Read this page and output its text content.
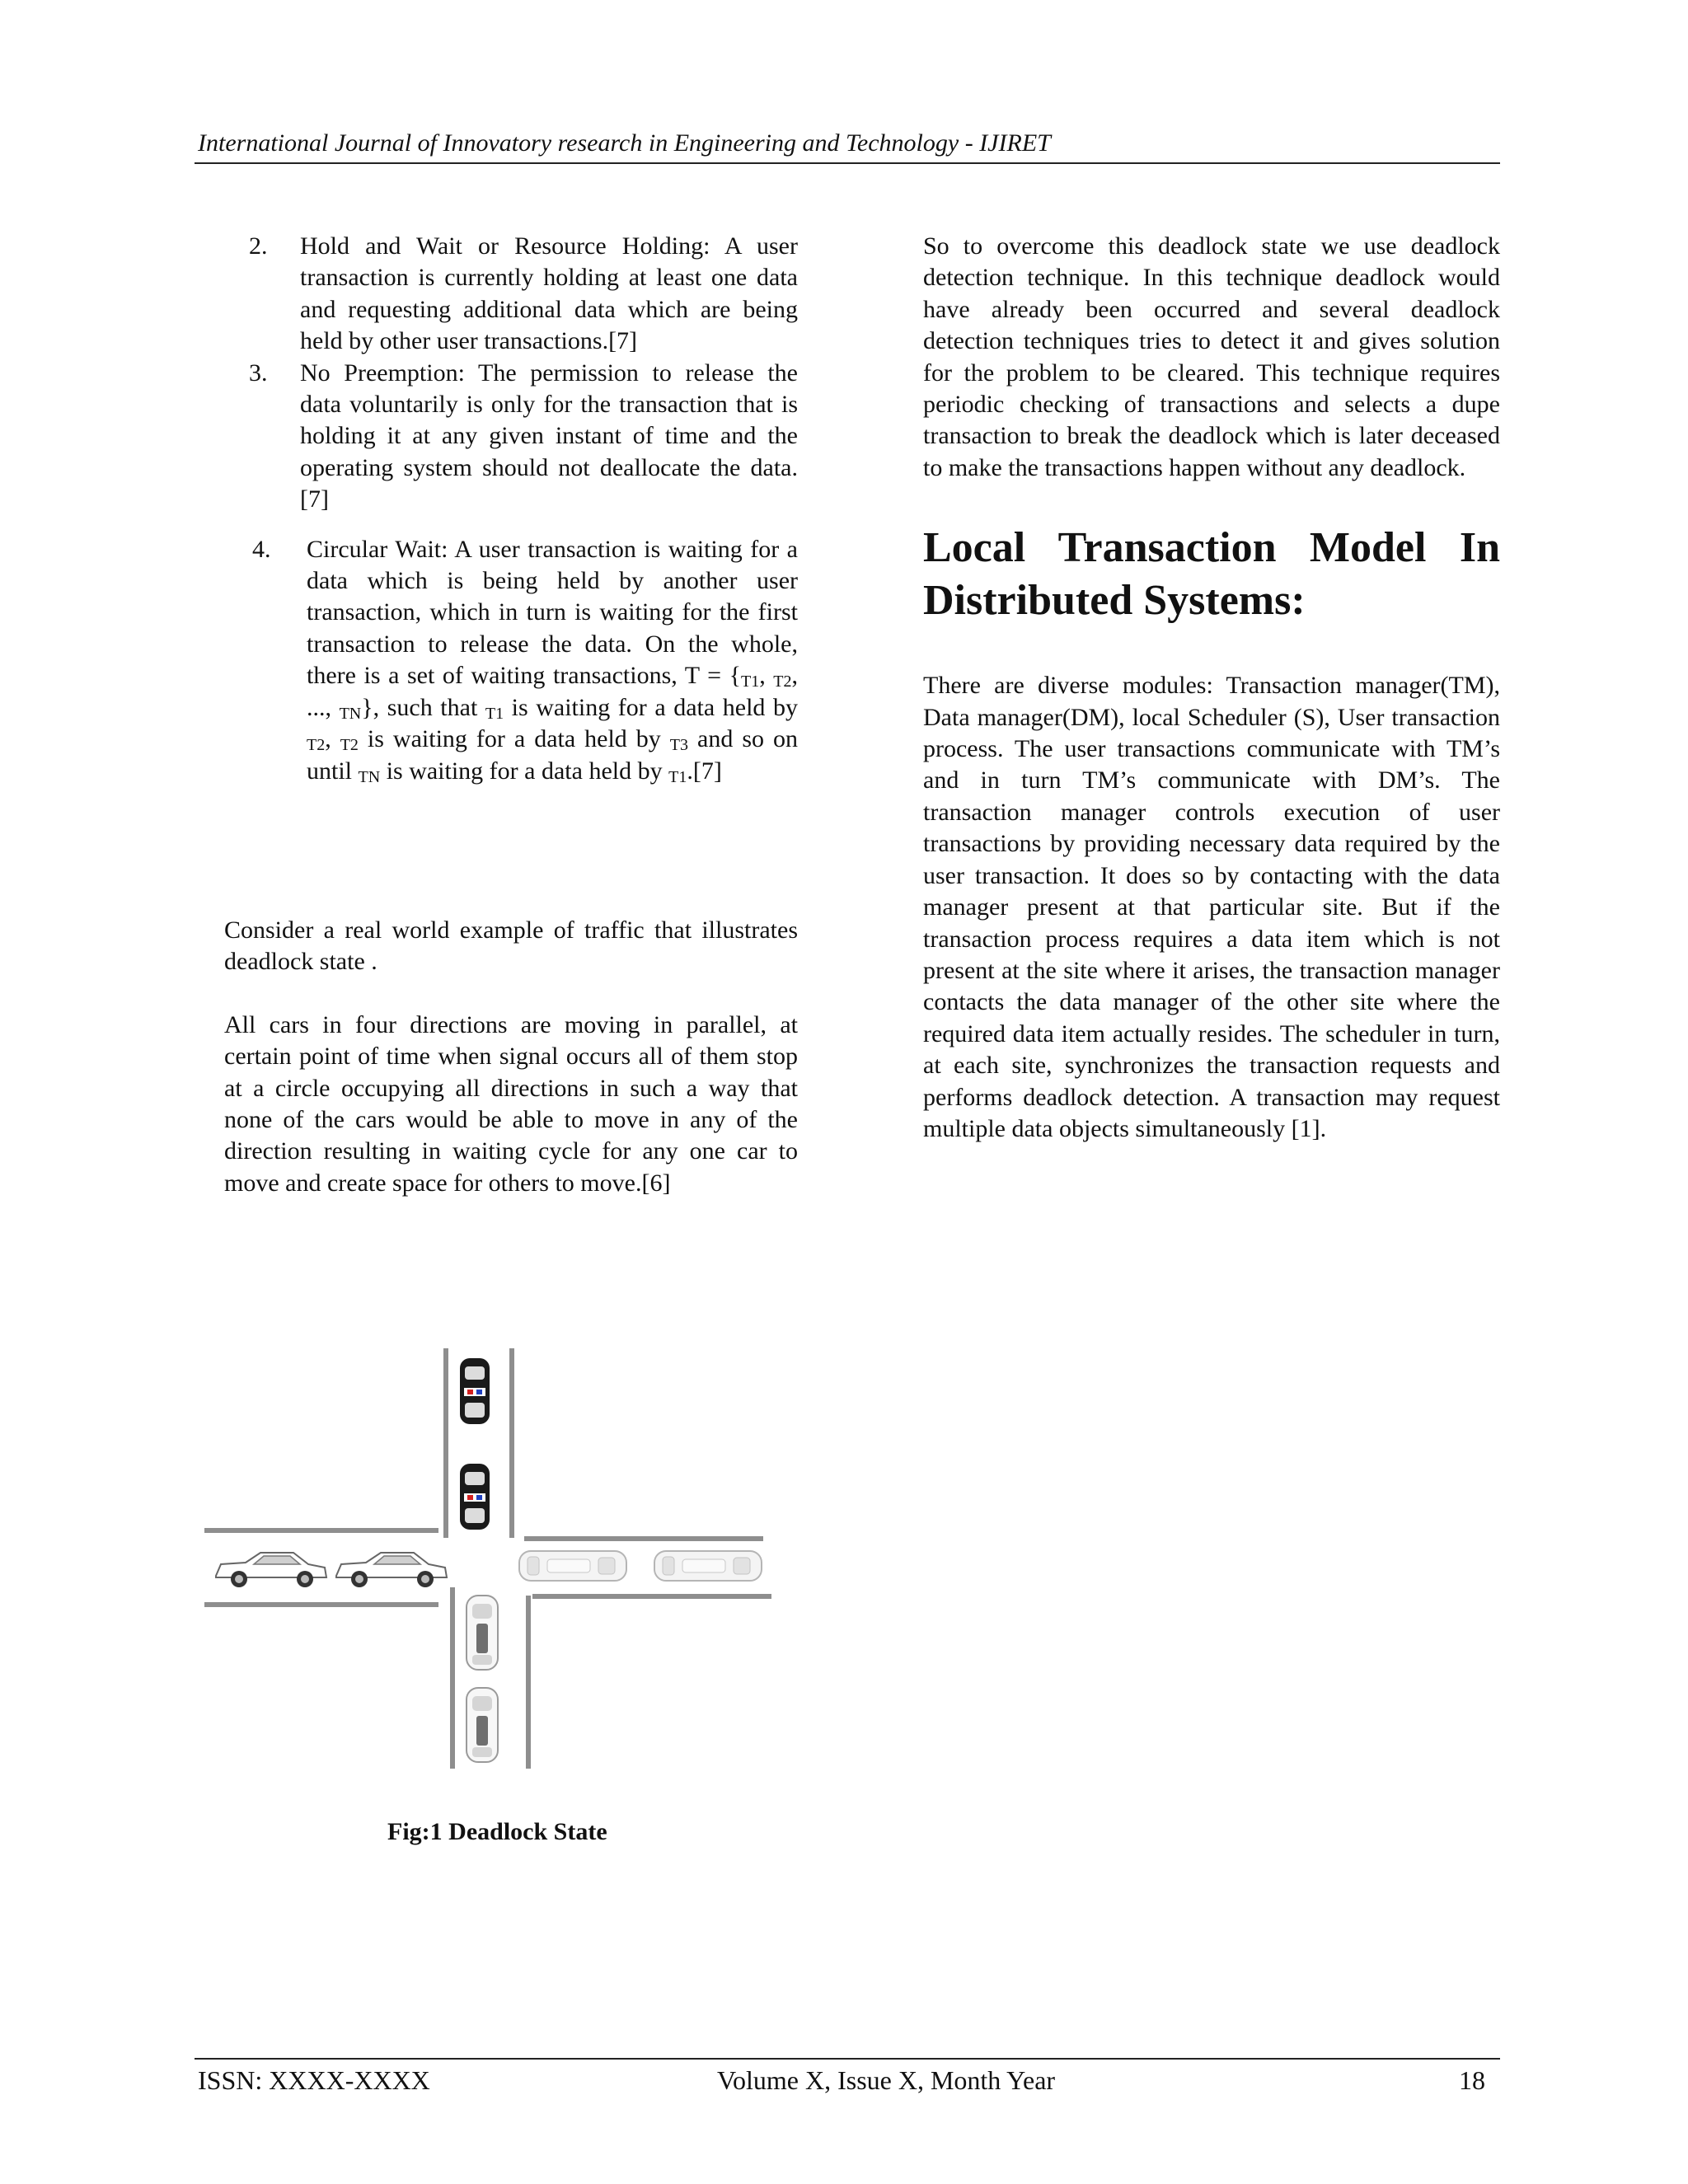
International Journal of Innovatory research in Engineering and Technology - IJIRET
2. Hold and Wait or Resource Holding: A user transaction is currently holding at least one data and requesting additional data which are being held by other user transactions.[7]

3. No Preemption: The permission to release the data voluntarily is only for the transaction that is holding it at any given instant of time and the operating system should not deallocate the data.[7]

4. Circular Wait: A user transaction is waiting for a data which is being held by another user transaction, which in turn is waiting for the first transaction to release the data. On the whole, there is a set of waiting transactions, $T = \{_{T1}$, $_{T2}$, ..., $_{TN}$}, such that $_{T1}$ is waiting for a data held by $_{T2}$, $_{T2}$ is waiting for a data held by $_{T3}$ and so on until $_{TN}$ is waiting for a data held by $_{T1}$.[7]

Consider a real world example of traffic that illustrates deadlock state .

All cars in four directions are moving in parallel, at certain point of time when signal occurs all of them stop at a circle occupying all directions in such a way that none of the cars would be able to move in any of the direction resulting in waiting cycle for any one car to move and create space for others to move.[6]

Fig:1 Deadlock State

So to overcome this deadlock state we use deadlock detection technique. In this technique deadlock would have already been occurred and several deadlock detection techniques tries to detect it and gives solution for the problem to be cleared. This technique requires periodic checking of transactions and selects a dupe transaction to break the deadlock which is later deceased to make the transactions happen without any deadlock.

Local Transaction Model In Distributed Systems:

There are diverse modules: Transaction manager(TM), Data manager(DM), local Scheduler (S), User transaction process. The user transactions communicate with TM’s and in turn TM’s communicate with DM’s. The transaction manager controls execution of user transactions by providing necessary data required by the user transaction. It does so by contacting with the data manager present at that particular site. But if the transaction process requires a data item which is not present at the site where it arises, the transaction manager contacts the data manager of the other site where the required data item actually resides. The scheduler in turn, at each site, synchronizes the transaction requests and performs deadlock detection. A transaction may request multiple data objects simultaneously [1].

ISSN: XXXX-XXXX	Volume X, Issue X, Month Year	18
